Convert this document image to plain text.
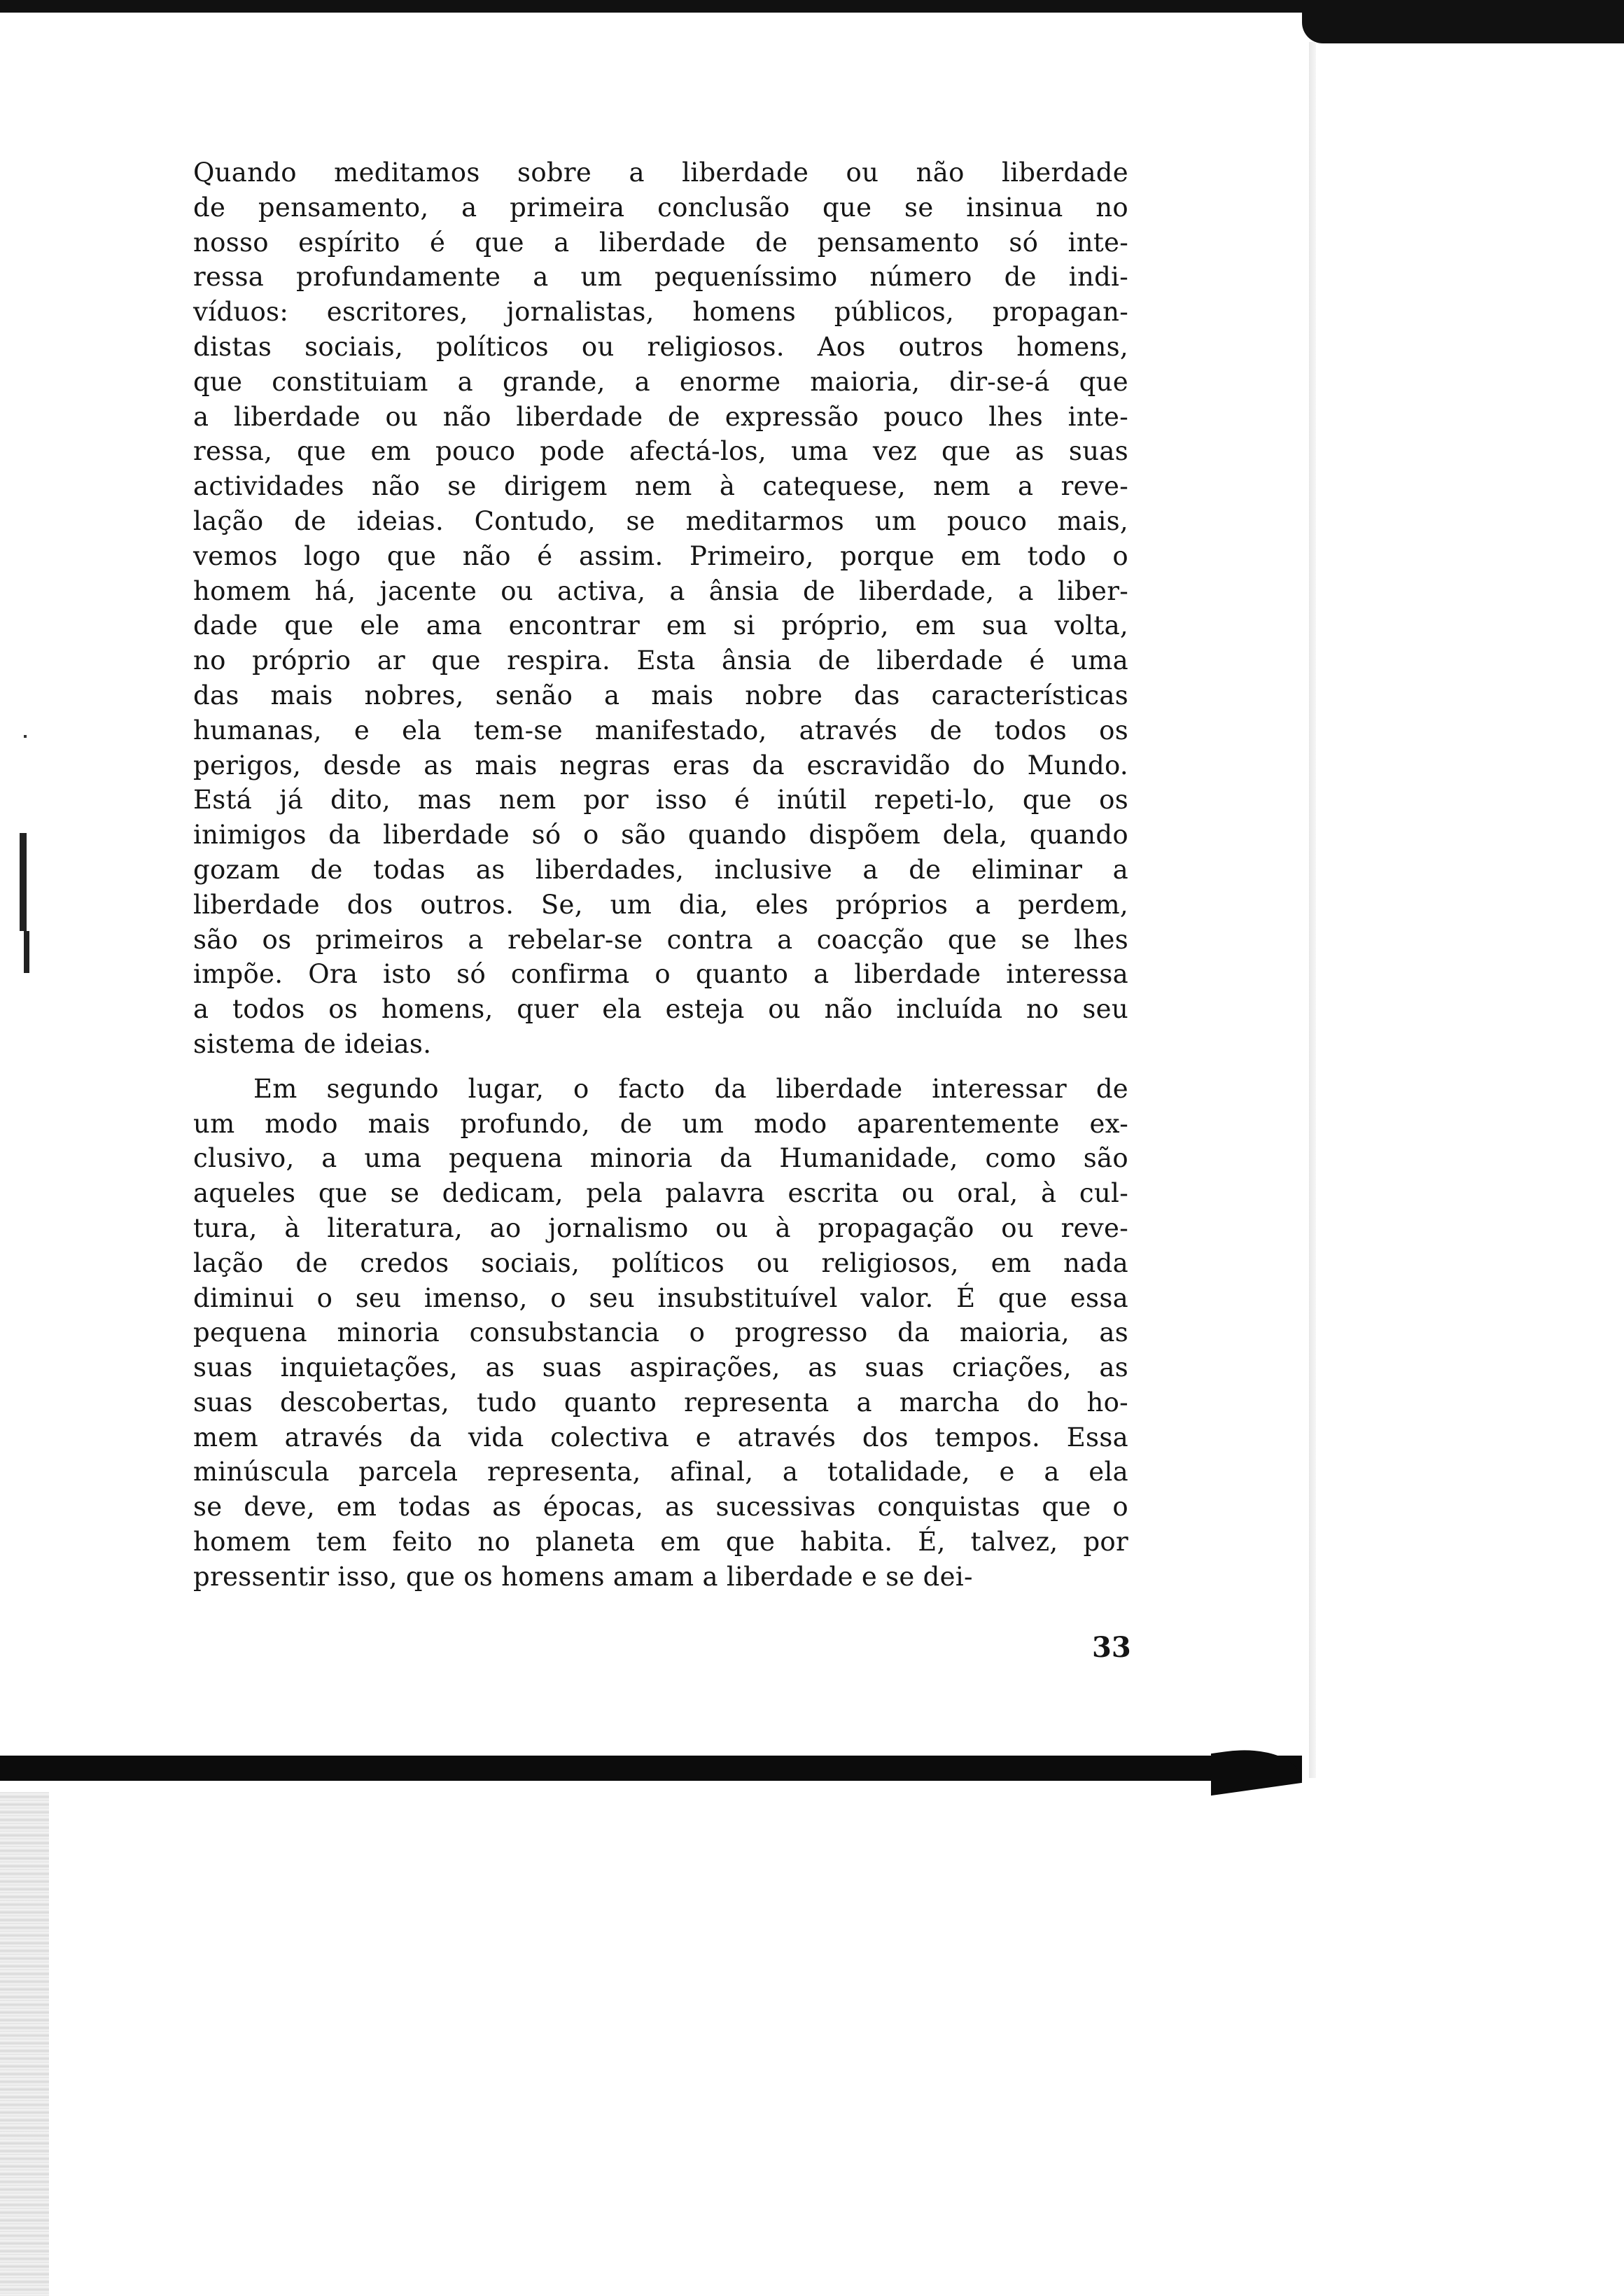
Quando meditamos sobre a liberdade ou não liberdade
de pensamento, a primeira conclusão que se insinua no
nosso espírito é que a liberdade de pensamento só inte-
ressa profundamente a um pequeníssimo número de indi-
víduos: escritores, jornalistas, homens públicos, propagan-
distas sociais, políticos ou religiosos. Aos outros homens,
que constituiam a grande, a enorme maioria, dir-se-á que
a liberdade ou não liberdade de expressão pouco lhes inte-
ressa, que em pouco pode afectá-los, uma vez que as suas
actividades não se dirigem nem à catequese, nem a reve-
lação de ideias. Contudo, se meditarmos um pouco mais,
vemos logo que não é assim. Primeiro, porque em todo o
homem há, jacente ou activa, a ânsia de liberdade, a liber-
dade que ele ama encontrar em si próprio, em sua volta,
no próprio ar que respira. Esta ânsia de liberdade é uma
das mais nobres, senão a mais nobre das características
humanas, e ela tem-se manifestado, através de todos os
perigos, desde as mais negras eras da escravidão do Mundo.
Está já dito, mas nem por isso é inútil repeti-lo, que os
inimigos da liberdade só o são quando dispõem dela, quando
gozam de todas as liberdades, inclusive a de eliminar a
liberdade dos outros. Se, um dia, eles próprios a perdem,
são os primeiros a rebelar-se contra a coacção que se lhes
impõe. Ora isto só confirma o quanto a liberdade interessa
a todos os homens, quer ela esteja ou não incluída no seu
sistema de ideias.
Em segundo lugar, o facto da liberdade interessar de
um modo mais profundo, de um modo aparentemente ex-
clusivo, a uma pequena minoria da Humanidade, como são
aqueles que se dedicam, pela palavra escrita ou oral, à cul-
tura, à literatura, ao jornalismo ou à propagação ou reve-
lação de credos sociais, políticos ou religiosos, em nada
diminui o seu imenso, o seu insubstituível valor. É que essa
pequena minoria consubstancia o progresso da maioria, as
suas inquietações, as suas aspirações, as suas criações, as
suas descobertas, tudo quanto representa a marcha do ho-
mem através da vida colectiva e através dos tempos. Essa
minúscula parcela representa, afinal, a totalidade, e a ela
se deve, em todas as épocas, as sucessivas conquistas que o
homem tem feito no planeta em que habita. É, talvez, por
pressentir isso, que os homens amam a liberdade e se dei-
33
